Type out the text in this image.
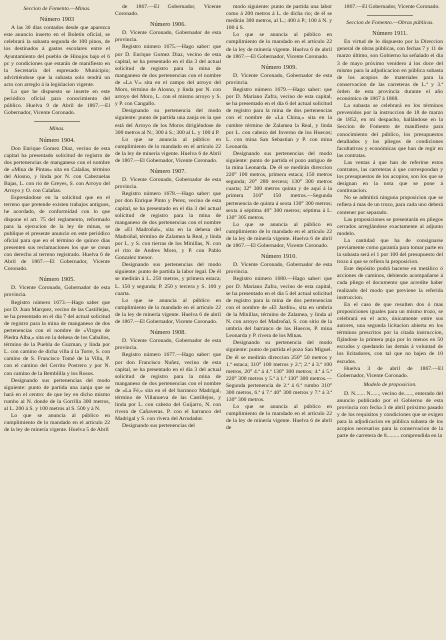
Seccion de Fomento.—Minas.

Número 1903

A las 30 dias contados desde que aparezca este anuncio inserto en el Boletin oficial, se celebrará la subasta segunda de 100 pinos, de los destinados á gastos escolares entre el Ayuntamiento del pueblo de Hinojos bajo el 6 pc y condiciones que estarán de manifiesto en la Secretaría del espresado Municipio; advirtiéndose que la subasta solo tendrá un acto con arreglo á la legislacion vigente.

Lo que he dispuesto se inserte en este periódico oficial para conocimiento del público. Huelva 9 de Abril de 1867.—El Gobernador, Vicente Coronado.

Minas.

Número 1904.

Don Enrique Gomez Diaz, vecino de esta capital ha presentado solicitud de registro de dos pertenencias de manganeso con el nombre de «Mina de Pintas» sita en Calañas, término del Alosno, y linda por N. con Cabezuelas Bajas, L. con rio de Greyes, S. con Arroyo del Arroyo y O. con Calañas.

Espresándose en la solicitud que en el terreno que pretende existen trabajos antiguos, he acordado, de conformidad con lo que dispone el art. 75 del reglamento, reformado para la ejecucion de la ley de minas, se publique el presente anuncio en este periódico oficial para que en el término de quince dias presenten sus reclamaciones los que se crean con derecho al terreno registrado. Huelva 6 de Abril de 1867.—El Gobernador, Vicente Coronado.

Número 1905.

D. Vicente Coronado, Gobernador de esta provincia.

Registro número 1673.—Hago saber que por D. Juan Marquez, vecino de las Castillejas, se ha presentado en el dia 7 del actual solicitud de registro para la mina de manganeso de dos pertenencias con el nombre de «Virgen de Piedra Alba,» sita en la dehesa de los Caballos, término de la Puebla de Guzman, y linda por L. con camino de dicha villa á la Torre, S. con camino de S. Francisco Tomé de la Villa, P. con el camino del Cerrito Postrero y por N. con camino de la Bemblilla y los Rosos.

Designando sus pertenencias del modo siguiente: punto de partida una zanja que se hará en el centro: de que ley en dicho mismo rumbo al N. donde de la Gorrilla 300 metros, al L. 200 á S. y 100 metros al S. 500 y á N.

Lo que se anuncia al público en cumplimiento de lo mandado en el artículo 22 de la ley de minería vigente. Huelva 5 de Abril

de 1867.—El Gobernador, Vicente Coronado.

Número 1906.

D. Vicente Coronado, Gobernador de esta provincia.

Registro número 1675.—Hago saber: que por D. Enrique Gomez Diaz, vecino de esta capital, se ha presentado en el dia 3 del actual solicitud de registro para la mina de manganeso de dos pertenencias con el nombre de «La V.» sita en el campo del arroyo del Moro, término de Alosno, y linda por N. con arroyo del Moro, L. con el mismo arroyo y S. y P. con Cangallo.

Designando su pertenencia del modo siguiente: punto de partida una zanja en la que está del Arroyo de los Moros dirigiéndose de 300 metros al N.; 300 á S.; 300 al L. y 100 á P.

Lo que se anuncia al público en cumplimiento de lo mandado en el artículo 22 de la ley de minería vigente. Huelva 6 de Abril de 1867.—El Gobernador, Vicente Coronado.

Número 1907.

D. Vicente Coronado, Gobernador de esta provincia.

Registro número 1678.—Hago saber: que por don Enrique Pinto y Perez, vecino de esta capital, se ha presentado en el dia 3 del actual solicitud de registro para la mina de manganeso de dos pertenencias con el nombre de «El Madroñal», sita en la dehesa del Madroñal, término de Zalamea la Real, y linda por L. y S. con tierras de los Minillas, N. con el rito de Andres Moro, y P. con Pablo Gonzalez menor.

Designando sus pertenencias del modo siguiente: punto de partida la labor legal. De él se medirán á L. 250 metros, y primera estaca; L. 150 y segunda; P. 250 y tercera y S. 100 y cuarta.

Lo que se anuncia al público en cumplimiento de lo mandado en el artículo 22 de la ley de minería vigente. Huelva 6 de abril de 1867.—El Gobernador, Vicente Coronado.

Número 1908.

D. Vicente Coronado, Gobernador de esta provincia.

Registro número 1677.—Hago saber: que por don Francisco Nuñez, vecino de esta capital, se ha presentado en el dia 3 del actual solicitud de registro para la mina de manganeso de dos pertenencias con el nombre de «La Fé,» sita en el del barranco Madrigal, término de Villanueva de las Castillejos, y linda por L. con cabezo del Guijarro, N. con rivera de Cañaveras. P. con el barranco del Madrigal y S. con rivera del Arrodador.

Designando sus pertenencias del

modo siguiente: punto de partida una labor como á 200 metros á L. de dicha rio; de él se medirán 300 metros, al L.; 400 á P.; 100 á N. y 100 á S.

Lo que se anuncia al público en cumplimiento de lo mandado en el artículo 22 de la ley de minería vigente. Huelva 6 de abril de 1867.—El Gobernador, Vicente Coronado.

Número 1909.

D. Vicente Coronado, Gobernador de esta provincia.

Registro número 1679.—Hago saber: que por D. Mariano Zafra, vecino de esta capital, se ha presentado en el dia 6 del actual solicitud de registro para la mina de dos pertenencias con el nombre de «La China,» sita en la cumbre término de Zalamea la Real, y linda por L. con cabezo del Inverno de los Huecos; L. con mina San Sebastian y P. con mina Leonarda.

Designando sus pertenencias del modo siguiente: punto de partida el pozo antiguo de la mina Leonarda. De él se medirán direccion 220° 100 metros, primera estaca; 150 metros segunda; 20° 280 tercera; 130° 300 metros cuarta; 32° 300 metros quinta y de aquí á la primera 310° 150 metros.—Segunda pertenencia de quinta á sexta 130° 300 metros; sexta á séptima 40° 300 metros; séptima á L. 130° 305 metros.

Lo que se anuncia al público en cumplimiento de lo mandado en el artículo 22 de la ley de minería vigente. Huelva 6 de abril de 1867.—El Gobernador, Vicente Coronado.

Número 1910.

D. Vicente Coronado, Gobernador de esta provincia.

Registro número 1680.—Hago saber: que por D. Mariano Zafra, vecino de esta capital, se ha presentado en el dia 5 del actual solicitud de registro para la mina de dos pertenencias con el nombre de «El Jardín», sita en umbría de la Minillas, término de Zalamea, y linda al N. con arroyo del Madroñal, S. con sitio de la umbría del barranco de los Huecos, P. mina Leonarda y P. rivera de los Minas.

Designando su pertenencia del modo siguiente: punto de partida el pozo San Miguel. De él se medirán direccion 250° 50 metros y 1.ª estaca; 310° 100 metros y 2.ª; 2.ª á 3.ª 100 metros, 20° 4.ª á 4.ª 130° 300 metros; 4.ª á 5.ª 220° 300 metros y 5.ª á 1.ª 130° 300 metros.—Segunda pertenencia de 2.ª á 6.ª rumbo 310° 300 metros, 6.ª á 7.ª 40° 300 metros y 7.ª á 3.ª 130° 300 metros.

Lo que se anuncia al público en cumplimiento de lo mandado en el artículo 22 de la ley de minería vigente. Huelva 6 de abril de

1867.—El Gobernador, Vicente Coronado.

Seccion de Fomento.—Obras públicas.

Número 1911.

En virtud de lo dispuesto por la Direccion general de obras públicas, con fechas 7 y 11 de marzo último, son Gobierno ha señalado el dia 3 de mayo próximo venidero á los doce del mismo para la adjudicacion en pública subasta de los acopios de materiales para la conservacion de las carreteras de L.ª y 3.ª órden de esta provincia durante el año económico de 1867 á 1868.

La subasta se celebrará en los términos prevenidos por la instruccion de 18 de marzo de 1852, en mi despacho, hallándose en la Seccion de Fomento de manifiesto para conocimiento del público, los presupuestos detallados y los pliegos de condiciones facultativas y económicas que han de regir en las contratas.

Las ventas á que han de referirse estos contratos, las carreteras á que correspondan y los presupuestos de los acopios, son los que se designan en la nota que se pone á continuacion.

No se admitirá ninguna proposicion que se refiera á mas de un trozo, para cada uno deberá contener por separado.

Las proposiciones se presentarán en pliegos cerrados arreglándose exactamente al adjunto modelo.

La cantidad que ha de consignarse previamente como garantía para tomar parte en la subasta será el 1 por 100 del presupuesto del trozo á que se refiera la proposicion.

Este depósito podrá hacerse en metálico ó acciones de caminos, debiendo acompañarse á cada pliego el documento que acredite haber realizado del modo que previene la referida instruccion.

En el caso de que resulten dos ó mas proposiciones iguales para un mismo trozo, se celebrará en el acto, únicamente entre sus autores, una segunda licitacion abierta en los términos prescritos por la citada instruccion, fijándose la primera puja por lo menos en 50 escudos y quedando las demás á voluntad de los licitadores, con tal que no bajen de 10 escudos.

Huelva 3 de abril de 1867.—El Gobernador, Vicente Coronado.

Modelo de proposicion.

D. N....... N......, vecino de......, enterado del anuncio publicado por el Gobierno de esta provincia con fecha 3 de abril próximo pasado y de los requisitos y condiciones que se exigen para la adjudicacion en pública subasta de los acopios necesarios para la conservacion de la parte de carretera de 8......... comprendida en la
